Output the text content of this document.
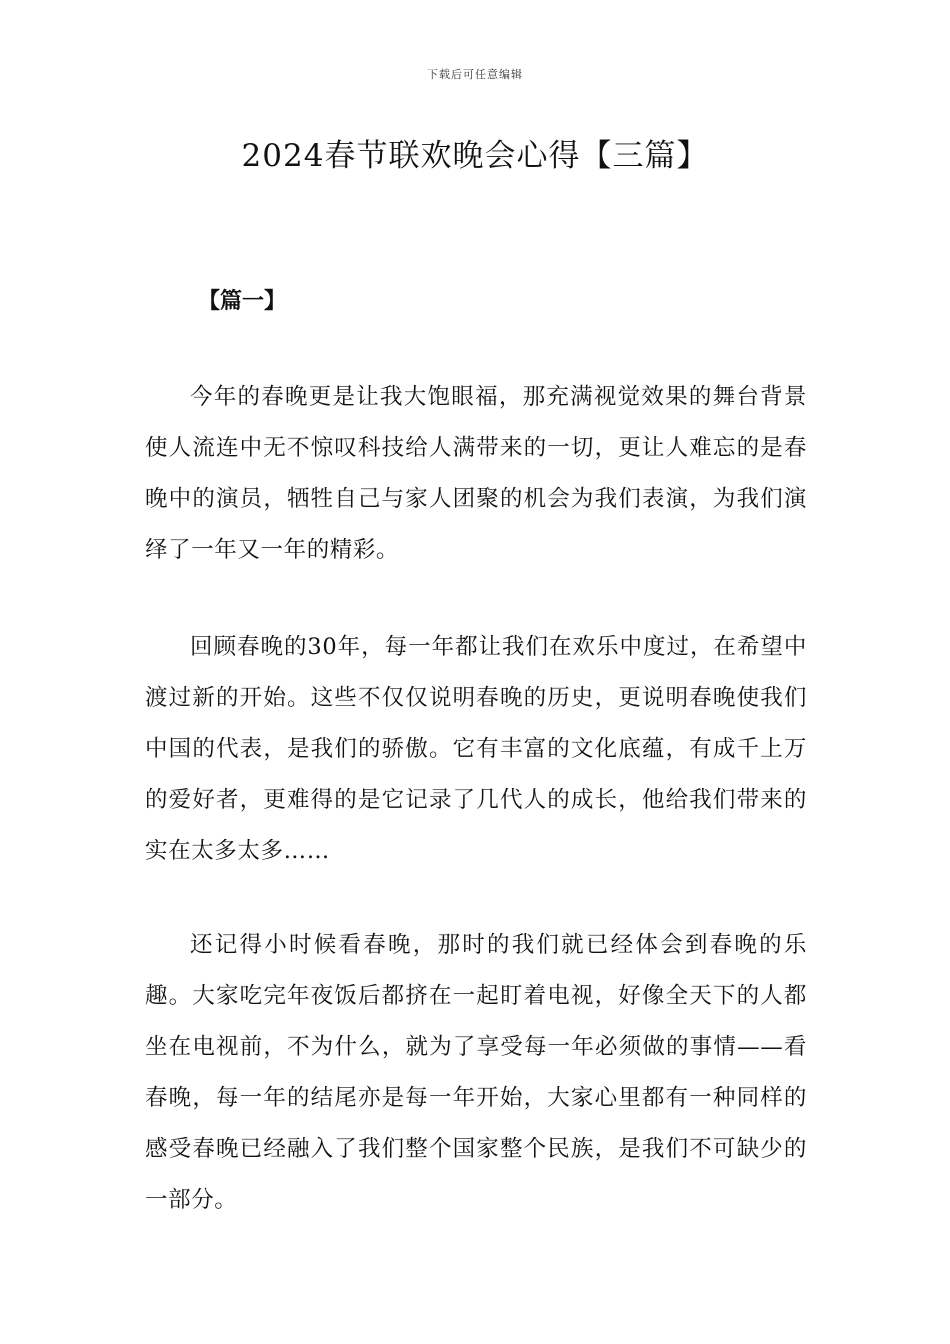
下载后可任意编辑
2024春节联欢晚会心得【三篇】
【篇一】

今年的春晚更是让我大饱眼福，那充满视觉效果的舞台背景使人流连中无不惊叹科技给人满带来的一切，更让人难忘的是春晚中的演员，牺牲自己与家人团聚的机会为我们表演，为我们演绎了一年又一年的精彩。

回顾春晚的30年，每一年都让我们在欢乐中度过，在希望中渡过新的开始。这些不仅仅说明春晚的历史，更说明春晚使我们中国的代表，是我们的骄傲。它有丰富的文化底蕴，有成千上万的爱好者，更难得的是它记录了几代人的成长，他给我们带来的实在太多太多……

还记得小时候看春晚，那时的我们就已经体会到春晚的乐趣。大家吃完年夜饭后都挤在一起盯着电视，好像全天下的人都坐在电视前，不为什么，就为了享受每一年必须做的事情——看春晚，每一年的结尾亦是每一年开始，大家心里都有一种同样的感受春晚已经融入了我们整个国家整个民族，是我们不可缺少的一部分。
